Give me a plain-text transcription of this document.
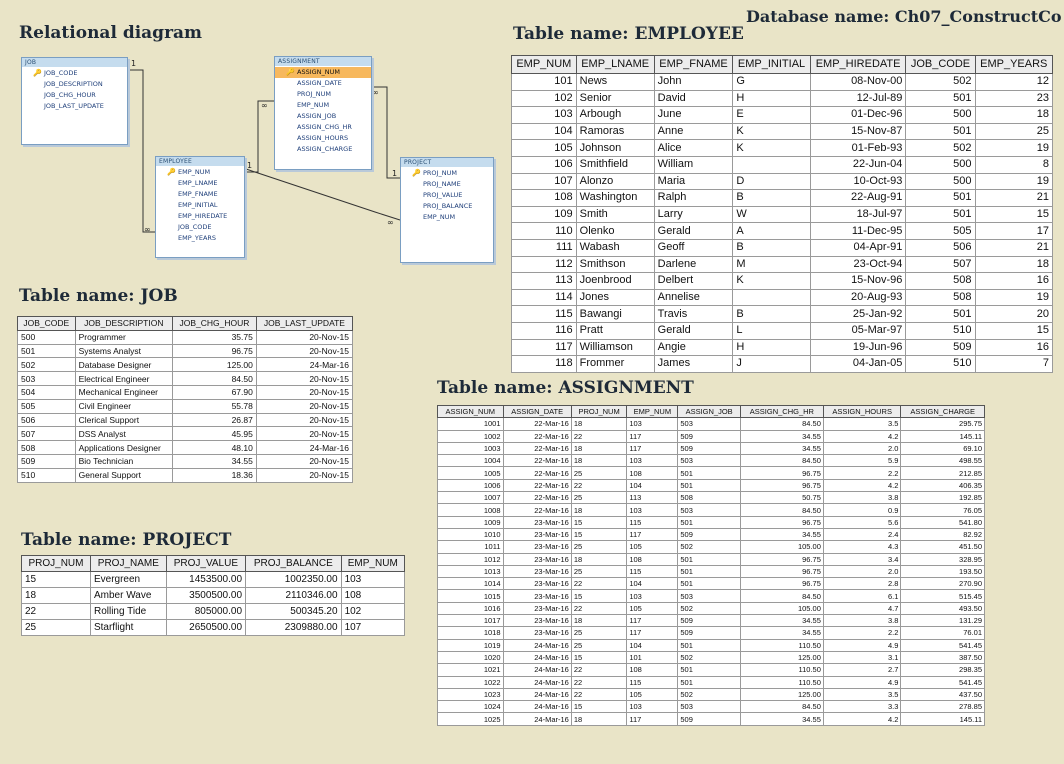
Database name: Ch07_ConstructCo
Relational diagram	Table name: EMPLOYEE
Table name: JOB
Table name: PROJECT
Table name: ASSIGNMENT
1
∞
1
∞
1
∞
∞
JOB
🔑 JOB_CODE
JOB_DESCRIPTION
JOB_CHG_HOUR
JOB_LAST_UPDATE
ASSIGNMENT
🔑 ASSIGN_NUM
ASSIGN_DATE
PROJ_NUM
EMP_NUM
ASSIGN_JOB
ASSIGN_CHG_HR
ASSIGN_HOURS
ASSIGN_CHARGE
EMPLOYEE
🔑 EMP_NUM
EMP_LNAME
EMP_FNAME
EMP_INITIAL
EMP_HIREDATE
JOB_CODE
EMP_YEARS
PROJECT
🔑 PROJ_NUM
PROJ_NAME
PROJ_VALUE
PROJ_BALANCE
EMP_NUM
EMP_NUM	EMP_LNAME	EMP_FNAME	EMP_INITIAL	EMP_HIREDATE	JOB_CODE	EMP_YEARS
101	News	John	G	08-Nov-00	502	12
102	Senior	David	H	12-Jul-89	501	23
103	Arbough	June	E	01-Dec-96	500	18
104	Ramoras	Anne	K	15-Nov-87	501	25
105	Johnson	Alice	K	01-Feb-93	502	19
106	Smithfield	William		22-Jun-04	500	8
107	Alonzo	Maria	D	10-Oct-93	500	19
108	Washington	Ralph	B	22-Aug-91	501	21
109	Smith	Larry	W	18-Jul-97	501	15
110	Olenko	Gerald	A	11-Dec-95	505	17
111	Wabash	Geoff	B	04-Apr-91	506	21
112	Smithson	Darlene	M	23-Oct-94	507	18
113	Joenbrood	Delbert	K	15-Nov-96	508	16
114	Jones	Annelise		20-Aug-93	508	19
115	Bawangi	Travis	B	25-Jan-92	501	20
116	Pratt	Gerald	L	05-Mar-97	510	15
117	Williamson	Angie	H	19-Jun-96	509	16
118	Frommer	James	J	04-Jan-05	510	7
JOB_CODE	JOB_DESCRIPTION	JOB_CHG_HOUR	JOB_LAST_UPDATE
500	Programmer	35.75	20-Nov-15
501	Systems Analyst	96.75	20-Nov-15
502	Database Designer	125.00	24-Mar-16
503	Electrical Engineer	84.50	20-Nov-15
504	Mechanical Engineer	67.90	20-Nov-15
505	Civil Engineer	55.78	20-Nov-15
506	Clerical Support	26.87	20-Nov-15
507	DSS Analyst	45.95	20-Nov-15
508	Applications Designer	48.10	24-Mar-16
509	Bio Technician	34.55	20-Nov-15
510	General Support	18.36	20-Nov-15
PROJ_NUM	PROJ_NAME	PROJ_VALUE	PROJ_BALANCE	EMP_NUM
15	Evergreen	1453500.00	1002350.00	103
18	Amber Wave	3500500.00	2110346.00	108
22	Rolling Tide	805000.00	500345.20	102
25	Starflight	2650500.00	2309880.00	107
ASSIGN_NUM	ASSIGN_DATE	PROJ_NUM	EMP_NUM	ASSIGN_JOB	ASSIGN_CHG_HR	ASSIGN_HOURS	ASSIGN_CHARGE
1001	22-Mar-16	18	103	503	84.50	3.5	295.75
1002	22-Mar-16	22	117	509	34.55	4.2	145.11
1003	22-Mar-16	18	117	509	34.55	2.0	69.10
1004	22-Mar-16	18	103	503	84.50	5.9	498.55
1005	22-Mar-16	25	108	501	96.75	2.2	212.85
1006	22-Mar-16	22	104	501	96.75	4.2	406.35
1007	22-Mar-16	25	113	508	50.75	3.8	192.85
1008	22-Mar-16	18	103	503	84.50	0.9	76.05
1009	23-Mar-16	15	115	501	96.75	5.6	541.80
1010	23-Mar-16	15	117	509	34.55	2.4	82.92
1011	23-Mar-16	25	105	502	105.00	4.3	451.50
1012	23-Mar-16	18	108	501	96.75	3.4	328.95
1013	23-Mar-16	25	115	501	96.75	2.0	193.50
1014	23-Mar-16	22	104	501	96.75	2.8	270.90
1015	23-Mar-16	15	103	503	84.50	6.1	515.45
1016	23-Mar-16	22	105	502	105.00	4.7	493.50
1017	23-Mar-16	18	117	509	34.55	3.8	131.29
1018	23-Mar-16	25	117	509	34.55	2.2	76.01
1019	24-Mar-16	25	104	501	110.50	4.9	541.45
1020	24-Mar-16	15	101	502	125.00	3.1	387.50
1021	24-Mar-16	22	108	501	110.50	2.7	298.35
1022	24-Mar-16	22	115	501	110.50	4.9	541.45
1023	24-Mar-16	22	105	502	125.00	3.5	437.50
1024	24-Mar-16	15	103	503	84.50	3.3	278.85
1025	24-Mar-16	18	117	509	34.55	4.2	145.11
